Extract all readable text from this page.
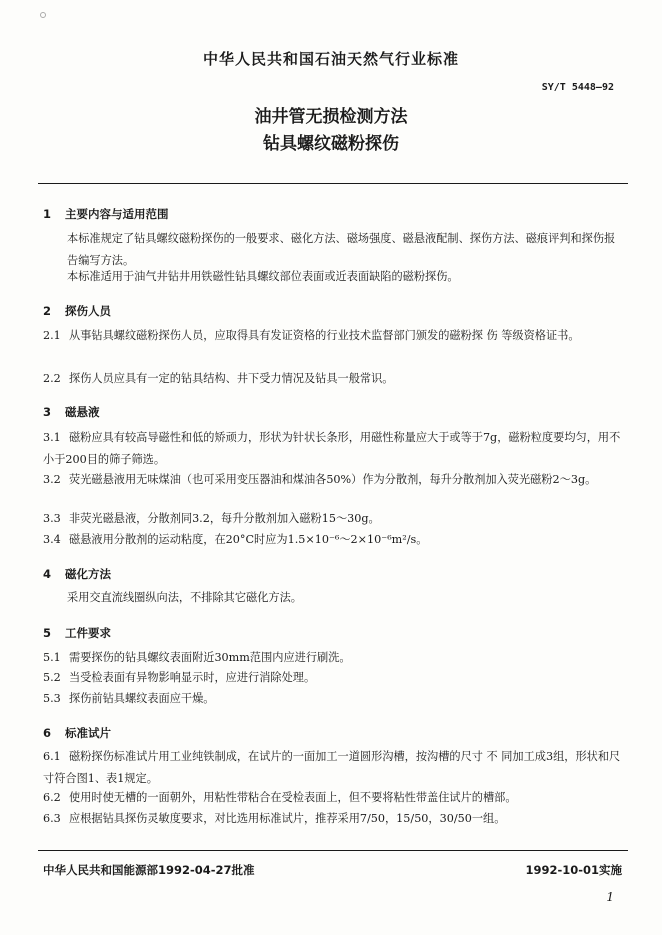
中华人民共和国石油天然气行业标准
SY/T 5448—92
油井管无损检测方法
钻具螺纹磁粉探伤
1 主要内容与适用范围
本标准规定了钻具螺纹磁粉探伤的一般要求、磁化方法、磁场强度、磁悬液配制、探伤方法、磁痕评判和探伤报告编写方法。
本标准适用于油气井钻井用铁磁性钻具螺纹部位表面或近表面缺陷的磁粉探伤。
2 探伤人员
2.1 从事钻具螺纹磁粉探伤人员，应取得具有发证资格的行业技术监督部门颁发的磁粉探 伤 等级资格证书。
2.2 探伤人员应具有一定的钻具结构、井下受力情况及钻具一般常识。
3 磁悬液
3.1 磁粉应具有较高导磁性和低的矫顽力，形状为针状长条形，用磁性称量应大于或等于7g，磁粉粒度要均匀，用不小于200目的筛子筛选。
3.2 荧光磁悬液用无味煤油（也可采用变压器油和煤油各50%）作为分散剂，每升分散剂加入荧光磁粉2～3g。
3.3 非荧光磁悬液，分散剂同3.2，每升分散剂加入磁粉15～30g。
3.4 磁悬液用分散剂的运动粘度，在20°C时应为1.5×10⁻⁶～2×10⁻⁶m²/s。
4 磁化方法
采用交直流线圈纵向法，不排除其它磁化方法。
5 工件要求
5.1 需要探伤的钻具螺纹表面附近30mm范围内应进行刷洗。
5.2 当受检表面有异物影响显示时，应进行消除处理。
5.3 探伤前钻具螺纹表面应干燥。
6 标准试片
6.1 磁粉探伤标准试片用工业纯铁制成，在试片的一面加工一道圆形沟槽，按沟槽的尺寸 不 同加工成3组，形状和尺寸符合图1、表1规定。
6.2 使用时使无槽的一面朝外，用粘性带粘合在受检表面上，但不要将粘性带盖住试片的槽部。
6.3 应根据钻具探伤灵敏度要求，对比选用标准试片，推荐采用7/50，15/50，30/50一组。
中华人民共和国能源部1992-04-27批准	1992-10-01实施
1
